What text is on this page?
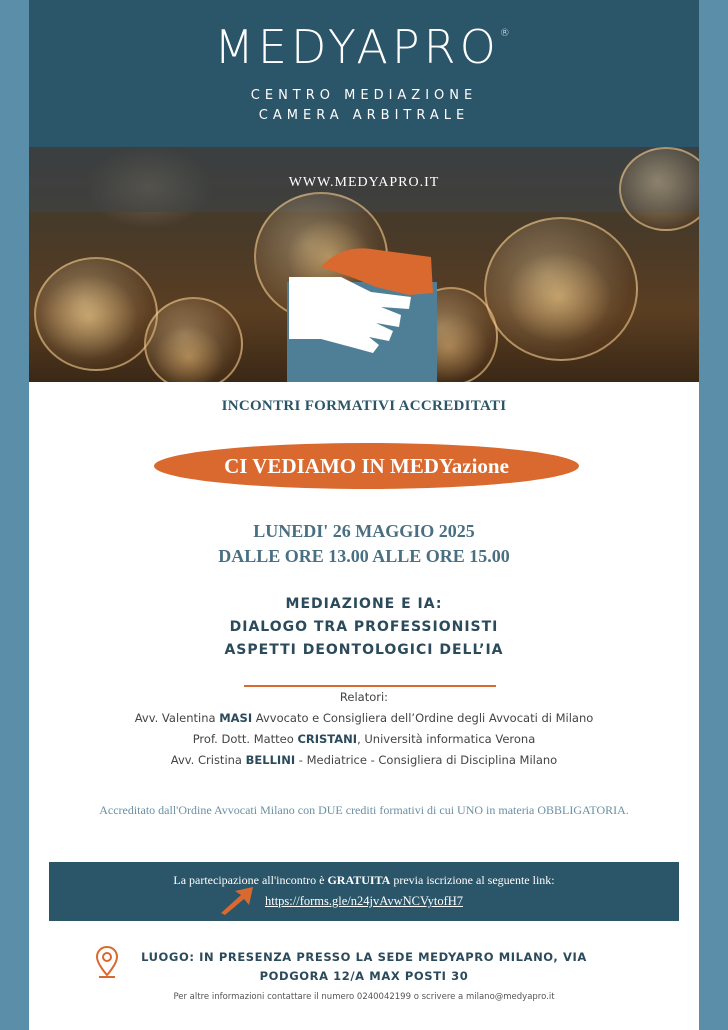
MEDYAPRO®
CENTRO MEDIAZIONE
CAMERA ARBITRALE
WWW.MEDYAPRO.IT
INCONTRI FORMATIVI ACCREDITATI
CI VEDIAMO IN MEDYazione
LUNEDI' 26 MAGGIO 2025
DALLE ORE 13.00 ALLE ORE 15.00
MEDIAZIONE E IA:
DIALOGO TRA PROFESSIONISTI
ASPETTI DEONTOLOGICI DELL’IA
Relatori:
Avv. Valentina MASI Avvocato e Consigliera dell’Ordine degli Avvocati di Milano
Prof. Dott. Matteo CRISTANI, Università informatica Verona
Avv. Cristina BELLINI - Mediatrice - Consigliera di Disciplina Milano
Accreditato dall'Ordine Avvocati Milano con DUE crediti formativi di cui UNO in materia OBBLIGATORIA.
La partecipazione all'incontro è GRATUITA previa iscrizione al seguente link:
https://forms.gle/n24jvAvwNCVytofH7
LUOGO: IN PRESENZA PRESSO LA SEDE MEDYAPRO MILANO, VIA
PODGORA 12/A MAX POSTI 30
Per altre informazioni contattare il numero 0240042199 o scrivere a milano@medyapro.it
